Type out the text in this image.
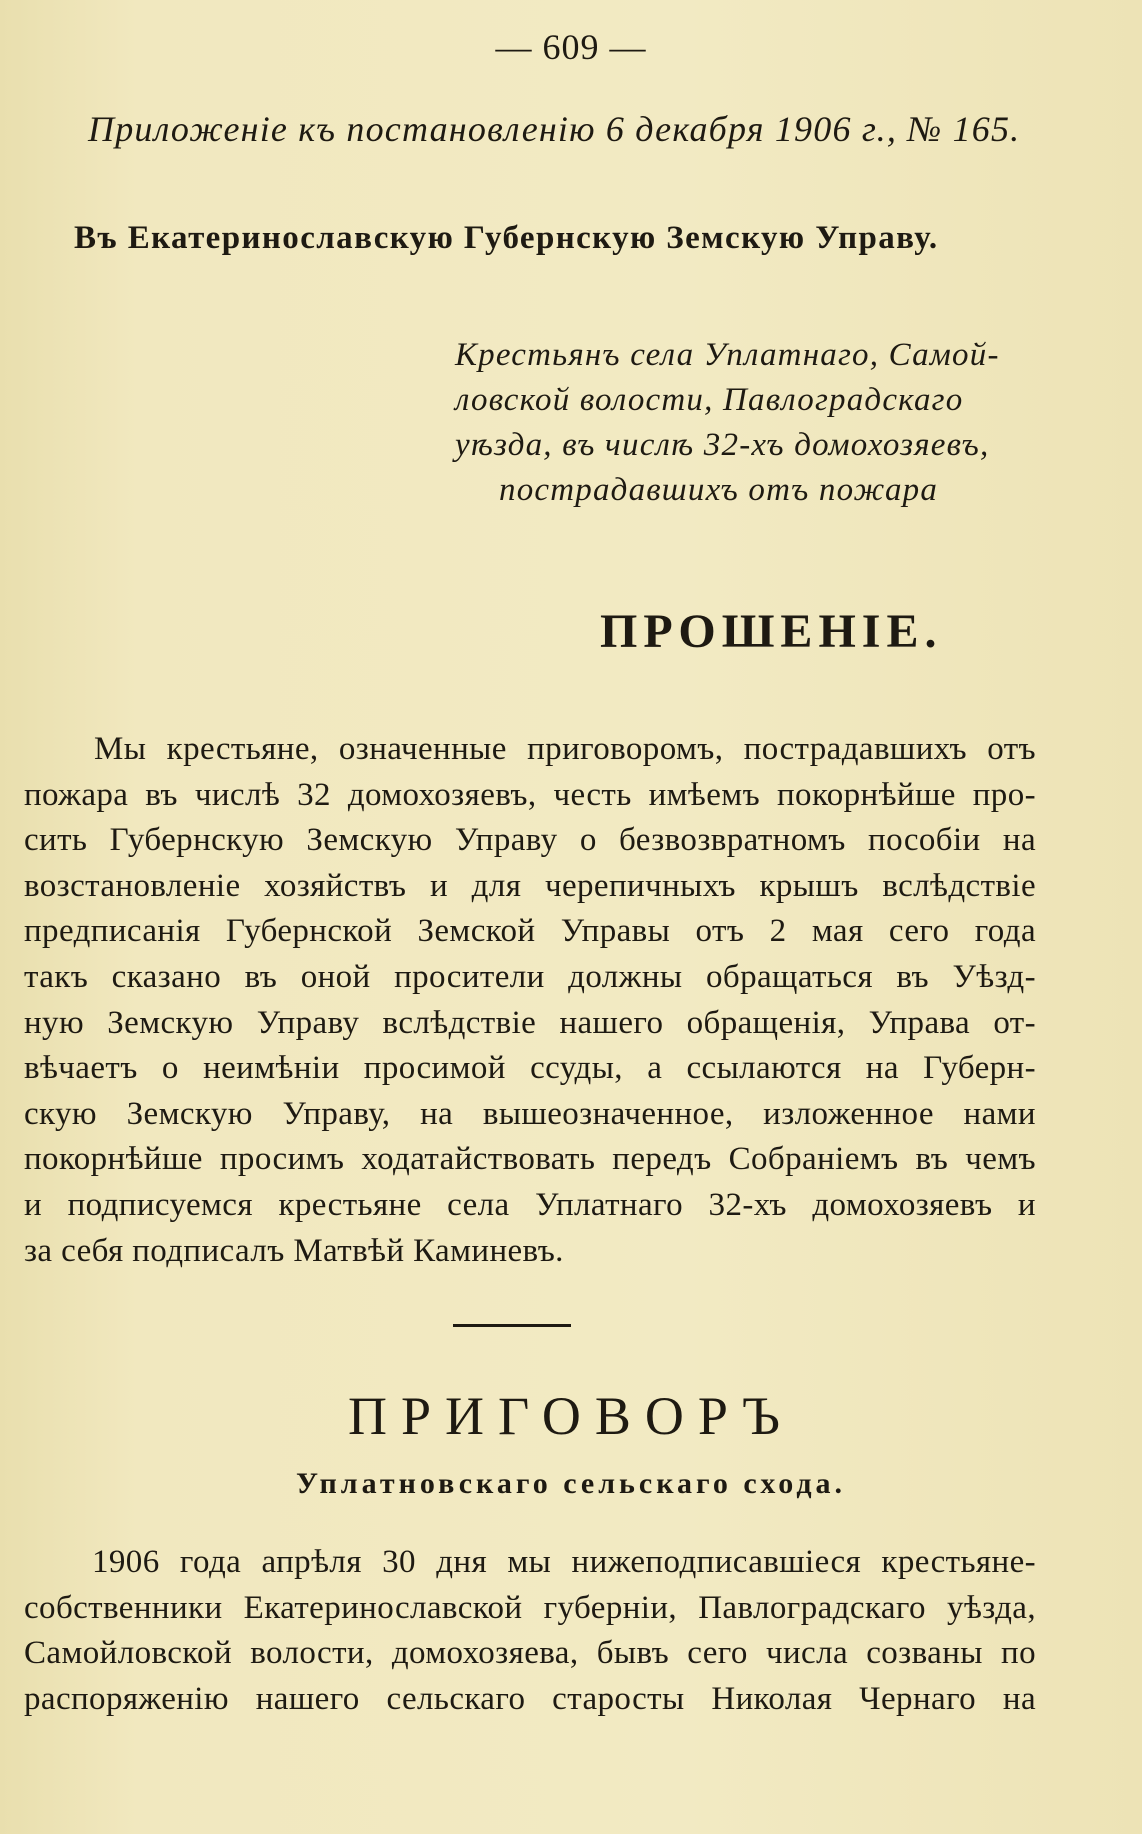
— 609 —
Приложеніе къ постановленію 6 декабря 1906 г., № 165.
Въ Екатеринославскую Губернскую Земскую Управу.
Крестьянъ села Уплатнаго, Самой-
ловской волости, Павлоградскаго
уѣзда, въ числѣ 32-хъ домохозяевъ,
пострадавшихъ отъ пожара
ПРОШЕНІЕ.
Мы крестьяне, означенные приговоромъ, пострадавшихъ отъ
пожара въ числѣ 32 домохозяевъ, честь имѣемъ покорнѣйше про-
сить Губернскую Земскую Управу о безвозвратномъ пособіи на
возстановленіе хозяйствъ и для черепичныхъ крышъ вслѣдствіе
предписанія Губернской Земской Управы отъ 2 мая сего года
такъ сказано въ оной просители должны обращаться въ Уѣзд-
ную Земскую Управу вслѣдствіе нашего обращенія, Управа от-
вѣчаетъ о неимѣніи просимой ссуды, а ссылаются на Губерн-
скую Земскую Управу, на вышеозначенное, изложенное нами
покорнѣйше просимъ ходатайствовать передъ Собраніемъ въ чемъ
и подписуемся крестьяне села Уплатнаго 32-хъ домохозяевъ и
за себя подписалъ Матвѣй Каминевъ.
ПРИГОВОРЪ
Уплатновскаго сельскаго схода.
1906 года апрѣля 30 дня мы нижеподписавшіеся крестьяне-
собственники Екатеринославской губерніи, Павлоградскаго уѣзда,
Самойловской волости, домохозяева, бывъ сего числа созваны по
распоряженію нашего сельскаго старосты Николая Чернаго на
